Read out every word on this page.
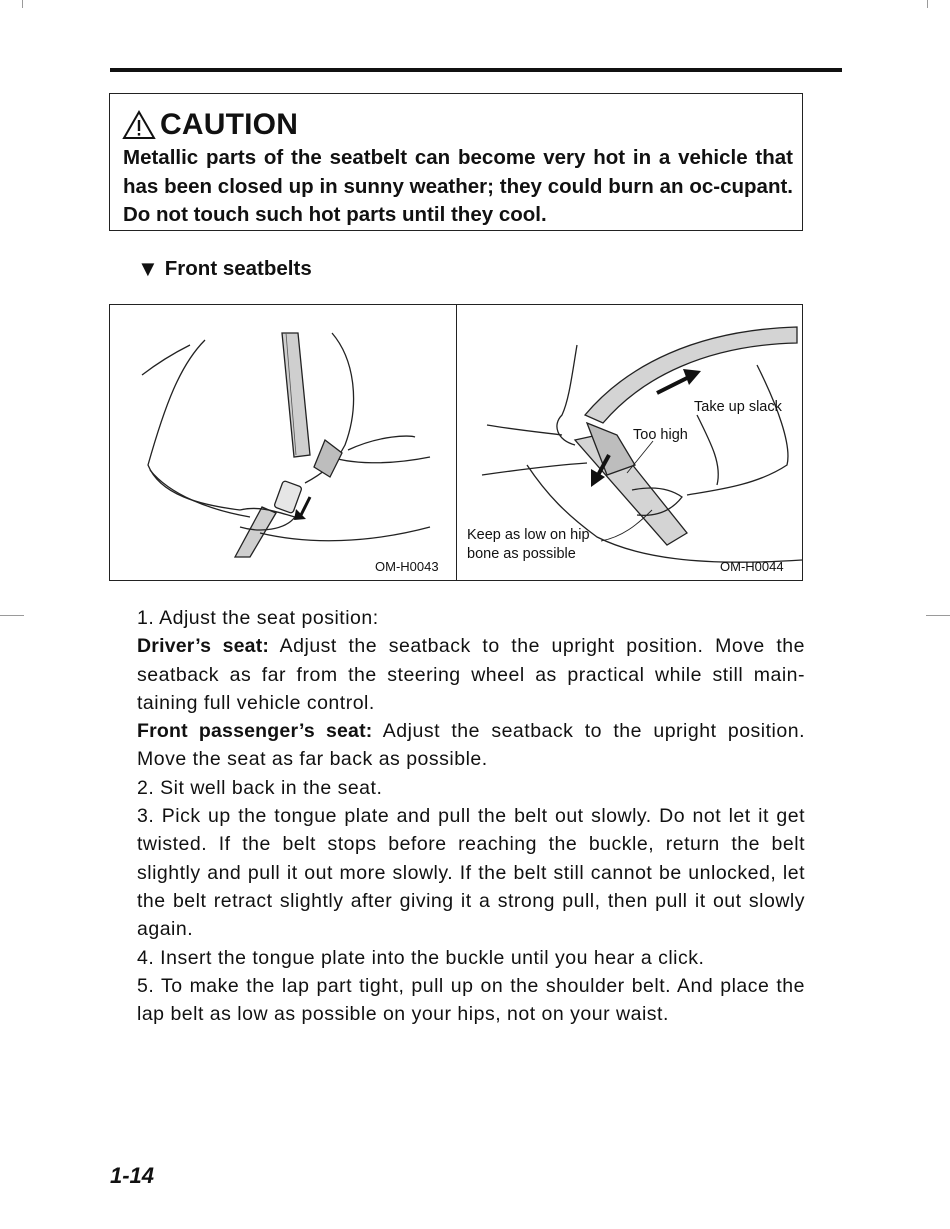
CAUTION
Metallic parts of the seatbelt can become very hot in a vehicle that has been closed up in sunny weather; they could burn an oc-cupant. Do not touch such hot parts until they cool.
▼ Front seatbelts
OM-H0043
Take up slack
Too high
Keep as low on hip
bone as possible
OM-H0044

1. Adjust the seat position:

Driver’s seat: Adjust the seatback to the upright position. Move the seatback as far from the steering wheel as practical while still main-taining full vehicle control.

Front passenger’s seat: Adjust the seatback to the upright position. Move the seat as far back as possible.

2. Sit well back in the seat.

3. Pick up the tongue plate and pull the belt out slowly. Do not let it get twisted. If the belt stops before reaching the buckle, return the belt slightly and pull it out more slowly. If the belt still cannot be unlocked, let the belt retract slightly after giving it a strong pull, then pull it out slowly again.

4. Insert the tongue plate into the buckle until you hear a click.

5. To make the lap part tight, pull up on the shoulder belt. And place the lap belt as low as possible on your hips, not on your waist.

1-14
